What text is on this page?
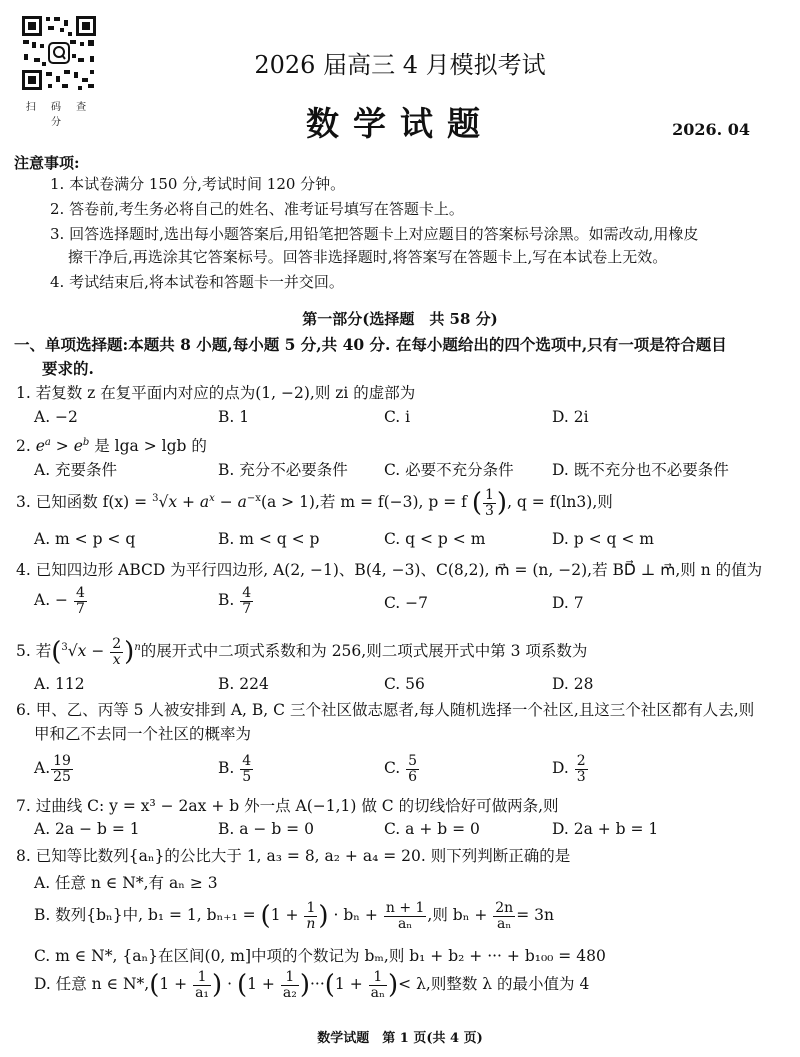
扫 码 查 分
2026 届高三 4 月模拟考试
数学试题	2026. 04
注意事项:
1. 本试卷满分 150 分,考试时间 120 分钟。
2. 答卷前,考生务必将自己的姓名、准考证号填写在答题卡上。
3. 回答选择题时,选出每小题答案后,用铅笔把答题卡上对应题目的答案标号涂黑。如需改动,用橡皮
擦干净后,再选涂其它答案标号。回答非选择题时,将答案写在答题卡上,写在本试卷上无效。
4. 考试结束后,将本试卷和答题卡一并交回。
第一部分(选择题　共 58 分)
一、单项选择题:本题共 8 小题,每小题 5 分,共 40 分. 在每小题给出的四个选项中,只有一项是符合题目
要求的.
1. 若复数 z 在复平面内对应的点为(1, −2),则 zi 的虚部为
A. −2	B. 1	C. i	D. 2i
2. $e^a > e^b$ 是 lga > lgb 的
A. 充要条件	B. 充分不必要条件 C. 必要不充分条件 D. 既不充分也不必要条件
3. 已知函数 $f(x) = ^3√x + a^x - a^{-x}(a > 1)$,若 m = f(−3), p = f ( $\frac{1}{3}$ ), q = f(ln3),则
A. m < p < q	B. m < q < p	C. q < p < m	D. p < q < m
4. 已知四边形 ABCD 为平行四边形, A(2, −1)、B(4, −3)、C(8,2), m⃗ = (n, −2),若 BD⃗ ⊥ m⃗,则 n 的值为
A. − $\frac{4}{7}$	B. $\frac{4}{7}$	C. −7	D. 7
5. 若$(^3√x - \frac{2}{x} )^n$的展开式中二项式系数和为 256,则二项式展开式中第 3 项系数为
A. 112	B. 224	C. 56	D. 28
6. 甲、乙、丙等 5 人被安排到 A, B, C 三个社区做志愿者,每人随机选择一个社区,且这三个社区都有人去,则
甲和乙不去同一个社区的概率为
A. $\frac{19}{25}$	B. $\frac{4}{5}$	C. $\frac{5}{6}$	D. $\frac{2}{3}$
7. 过曲线 C: y = x³ − 2ax + b 外一点 A(−1,1) 做 C 的切线恰好可做两条,则
A. 2a − b = 1	B. a − b = 0	C. a + b = 0	D. 2a + b = 1
8. 已知等比数列{aₙ}的公比大于 1, a₃ = 8, a₂ + a₄ = 20. 则下列判断正确的是
A. 任意 n ∈ N*,有 aₙ ≥ 3
B. 数列{bₙ}中, b₁ = 1, $b_{n+1} = (1 + \frac{1}{n}$ ) · $b_n + \frac{n + 1}{\text{aₙ}}$ ,则 $b_n + \frac{2n}{\text{aₙ}} = 3n$
C. m ∈ N*, {aₙ}在区间(0, m]中项的个数记为 bₘ,则 b₁ + b₂ + ··· + b₁₀₀ = 480
D. 任意 n ∈ $N*,(1 + \frac{1}{\text{a₁}}$ ) · $(1 + \frac{1}{\text{a₂}} )\cdot\cdot\cdot(1 + \frac{1}{\text{aₙ}}$ )< λ,则整数 λ 的最小值为 4
数学试题　第 1 页(共 4 页)
